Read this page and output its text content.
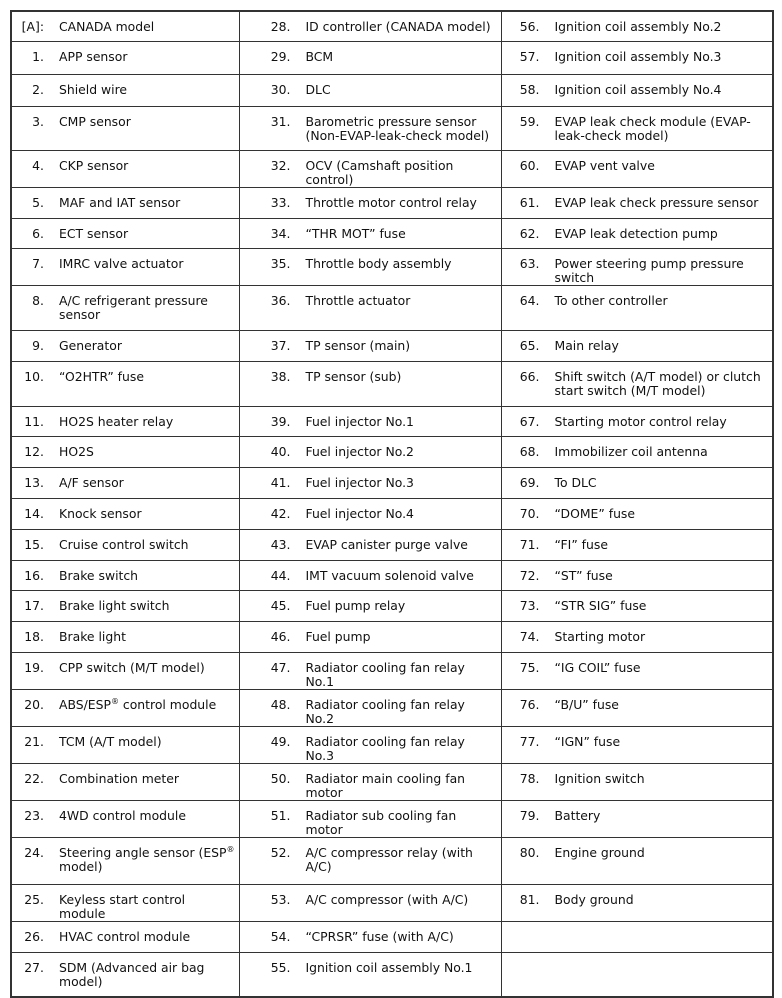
[A]: CANADA model	28. ID controller (CANADA model)	56. Ignition coil assembly No.2

1. APP sensor	29. BCM	57. Ignition coil assembly No.3

2. Shield wire	30. DLC	58. Ignition coil assembly No.4

3. CMP sensor	31. Barometric pressure sensor (Non-EVAP-leak-check model)	59. EVAP leak check module (EVAP-leak-check model)

4. CKP sensor	32. OCV (Camshaft position control)	60. EVAP vent valve

5. MAF and IAT sensor	33. Throttle motor control relay	61. EVAP leak check pressure sensor

6. ECT sensor	34. “THR MOT” fuse	62. EVAP leak detection pump

7. IMRC valve actuator	35. Throttle body assembly	63. Power steering pump pressure switch

8. A/C refrigerant pressure sensor	36. Throttle actuator	64. To other controller

9. Generator	37. TP sensor (main)	65. Main relay

10. “O2HTR” fuse	38. TP sensor (sub)	66. Shift switch (A/T model) or clutch start switch (M/T model)

11. HO2S heater relay	39. Fuel injector No.1	67. Starting motor control relay

12. HO2S	40. Fuel injector No.2	68. Immobilizer coil antenna

13. A/F sensor	41. Fuel injector No.3	69. To DLC

14. Knock sensor	42. Fuel injector No.4	70. “DOME” fuse

15. Cruise control switch	43. EVAP canister purge valve	71. “FI” fuse

16. Brake switch	44. IMT vacuum solenoid valve	72. “ST” fuse

17. Brake light switch	45. Fuel pump relay	73. “STR SIG” fuse

18. Brake light	46. Fuel pump	74. Starting motor

19. CPP switch (M/T model)	47. Radiator cooling fan relay No.1	75. “IG COIL” fuse

20. ABS/ESP® control module	48. Radiator cooling fan relay No.2	76. “B/U” fuse

21. TCM (A/T model)	49. Radiator cooling fan relay No.3	77. “IGN” fuse

22. Combination meter	50. Radiator main cooling fan motor	78. Ignition switch

23. 4WD control module	51. Radiator sub cooling fan motor	79. Battery

24. Steering angle sensor (ESP® model)	52. A/C compressor relay (with A/C)	80. Engine ground

25. Keyless start control module	53. A/C compressor (with A/C)	81. Body ground

26. HVAC control module	54. “CPRSR” fuse (with A/C)	

27. SDM (Advanced air bag model)	55. Ignition coil assembly No.1	
